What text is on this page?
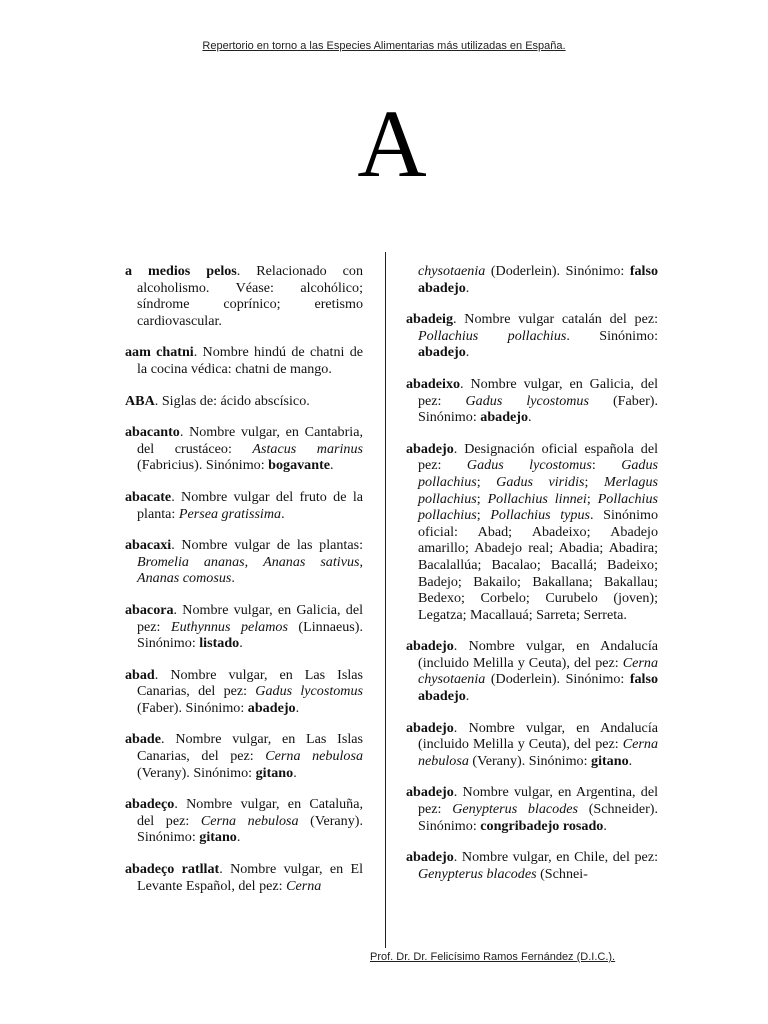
Repertorio en torno a las Especies Alimentarias más utilizadas en España.
A
a medios pelos. Relacionado con alcoholismo. Véase: alcohólico; síndrome coprínico; eretismo cardiovascular.
aam chatni. Nombre hindú de chatni de la cocina védica: chatni de mango.
ABA. Siglas de: ácido abscísico.
abacanto. Nombre vulgar, en Cantabria, del crustáceo: Astacus marinus (Fabricius). Sinónimo: bogavante.
abacate. Nombre vulgar del fruto de la planta: Persea gratissima.
abacaxi. Nombre vulgar de las plantas: Bromelia ananas, Ananas sativus, Ananas comosus.
abacora. Nombre vulgar, en Galicia, del pez: Euthynnus pelamos (Linnaeus). Sinónimo: listado.
abad. Nombre vulgar, en Las Islas Canarias, del pez: Gadus lycostomus (Faber). Sinónimo: abadejo.
abade. Nombre vulgar, en Las Islas Canarias, del pez: Cerna nebulosa (Verany). Sinónimo: gitano.
abadeço. Nombre vulgar, en Cataluña, del pez: Cerna nebulosa (Verany). Sinónimo: gitano.
abadeço ratllat. Nombre vulgar, en El Levante Español, del pez: Cerna
chysotaenia (Doderlein). Sinónimo: falso abadejo.
abadeig. Nombre vulgar catalán del pez: Pollachius pollachius. Sinónimo: abadejo.
abadeixo. Nombre vulgar, en Galicia, del pez: Gadus lycostomus (Faber). Sinónimo: abadejo.
abadejo. Designación oficial española del pez: Gadus lycostomus: Gadus pollachius; Gadus viridis; Merlagus pollachius; Pollachius linnei; Pollachius pollachius; Pollachius typus. Sinónimo oficial: Abad; Abadeixo; Abadejo amarillo; Abadejo real; Abadia; Abadira; Bacalallúa; Bacalao; Bacallá; Badeixo; Badejo; Bakailo; Bakallana; Bakallau; Bedexo; Corbelo; Curubelo (joven); Legatza; Macallauá; Sarreta; Serreta.
abadejo. Nombre vulgar, en Andalucía (incluido Melilla y Ceuta), del pez: Cerna chysotaenia (Doderlein). Sinónimo: falso abadejo.
abadejo. Nombre vulgar, en Andalucía (incluido Melilla y Ceuta), del pez: Cerna nebulosa (Verany). Sinónimo: gitano.
abadejo. Nombre vulgar, en Argentina, del pez: Genypterus blacodes (Schneider). Sinónimo: congribadejo rosado.
abadejo. Nombre vulgar, en Chile, del pez: Genypterus blacodes (Schnei-
Prof. Dr. Dr. Felicísimo Ramos Fernández (D.I.C.).
